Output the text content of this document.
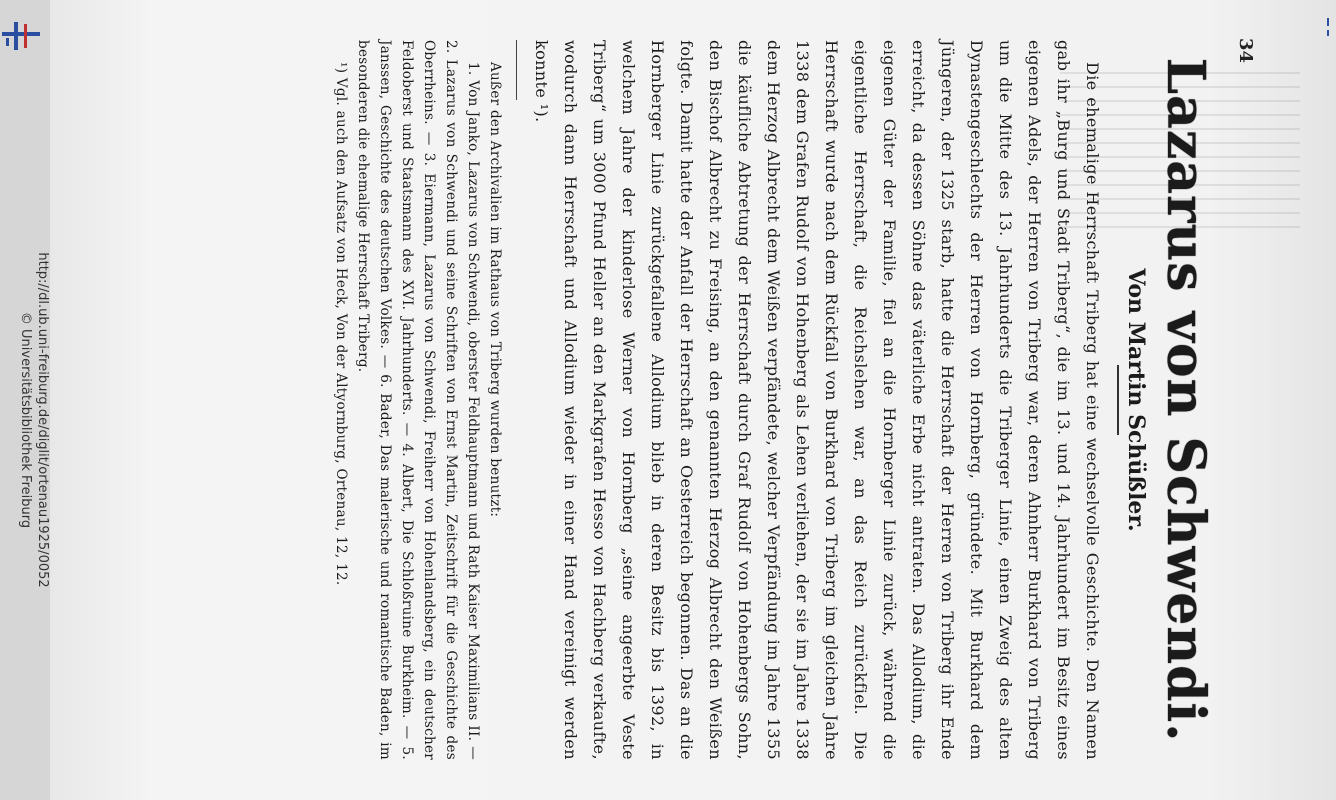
http://dl.ub.uni-freiburg.de/diglit/ortenau1925/0052
© Universitätsbibliothek Freiburg
34
Lazarus von Schwendi.
Von Martin Schüßler.

Die ehemalige Herrschaft Triberg hat eine wechselvolle Geschichte. Den Namen gab ihr „Burg und Stadt Triberg“, die im 13. und 14. Jahrhundert im Besitz eines eigenen Adels, der Herren von Triberg war, deren Ahnherr Burkhard von Triberg um die Mitte des 13. Jahrhunderts die Triberger Linie, einen Zweig des alten Dynastengeschlechts der Herren von Hornberg, gründete. Mit Burkhard dem Jüngeren, der 1325 starb, hatte die Herrschaft der Herren von Triberg ihr Ende erreicht, da dessen Söhne das väterliche Erbe nicht antraten. Das Allodium, die eigenen Güter der Familie, fiel an die Hornberger Linie zurück, während die eigentliche Herrschaft, die Reichslehen war, an das Reich zurückfiel. Die Herrschaft wurde nach dem Rückfall von Burkhard von Triberg im gleichen Jahre 1338 dem Grafen Rudolf von Hohenberg als Lehen verliehen, der sie im Jahre 1338 dem Herzog Albrecht dem Weißen verpfändete, welcher Verpfändung im Jahre 1355 die käufliche Abtretung der Herrschaft durch Graf Rudolf von Hohenbergs Sohn, den Bischof Albrecht zu Freising, an den genannten Herzog Albrecht den Weißen folgte. Damit hatte der Anfall der Herrschaft an Oesterreich begonnen. Das an die Hornberger Linie zurückgefallene Allodium blieb in deren Besitz bis 1392, in welchem Jahre der kinderlose Werner von Hornberg „seine angeerbte Veste Triberg“ um 3000 Pfund Heller an den Markgrafen Hesso von Hachberg verkaufte, wodurch dann Herrschaft und Allodium wieder in einer Hand vereinigt werden konnte ¹).

Außer den Archivalien im Rathaus von Triberg wurden benutzt:

1. Von Janko, Lazarus von Schwendi, oberster Feldhauptmann und Rath Kaiser Maximilians II. — 2. Lazarus von Schwendi und seine Schriften von Ernst Martin, Zeitschrift für die Geschichte des Oberrheins. — 3. Eiermann, Lazarus von Schwendi, Freiherr von Hohenlandsberg, ein deutscher Feldoberst und Staatsmann des XVI. Jahrhunderts. — 4. Albert, Die Schloßruine Burkheim. — 5. Janssen, Geschichte des deutschen Volkes. — 6. Bader, Das malerische und romantische Baden, im besonderen die ehemalige Herrschaft Triberg.

¹) Vgl. auch den Aufsatz von Heck, Von der Altyornburg, Ortenau, 12, 12.
